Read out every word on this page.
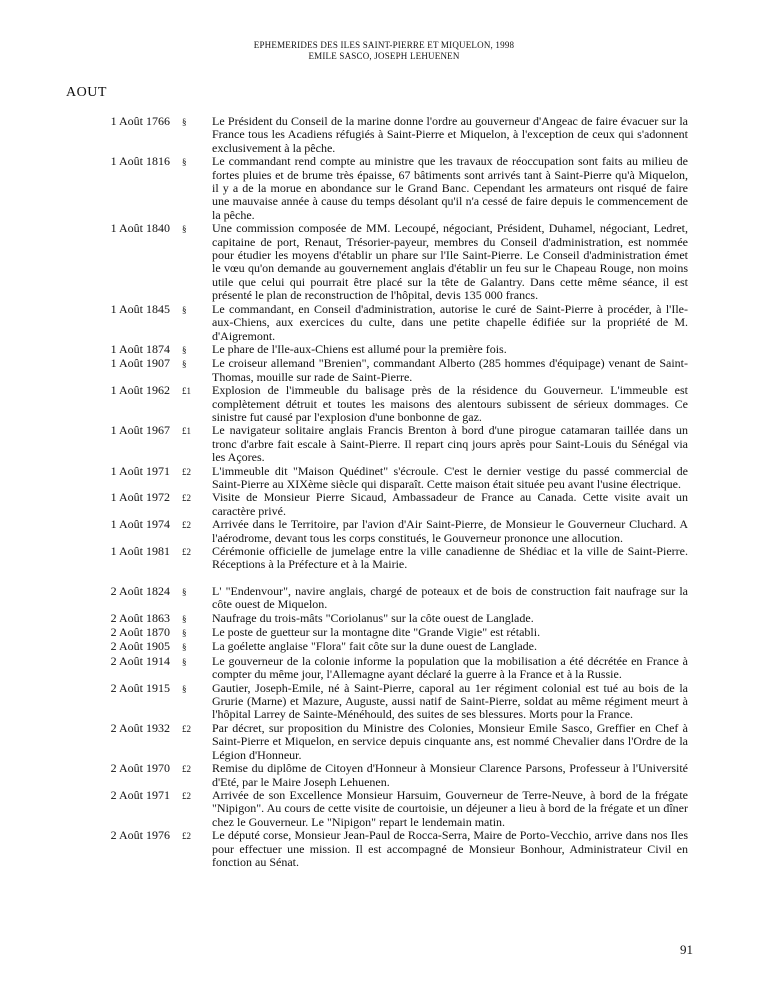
EPHEMERIDES DES ILES SAINT-PIERRE ET MIQUELON, 1998
EMILE SASCO, JOSEPH LEHUENEN
AOUT
1 Août 1766	§	Le Président du Conseil de la marine donne l'ordre au gouverneur d'Angeac de faire évacuer sur la France tous les Acadiens réfugiés à Saint-Pierre et Miquelon, à l'exception de ceux qui s'adonnent exclusivement à la pêche.
1 Août 1816	§	Le commandant rend compte au ministre que les travaux de réoccupation sont faits au milieu de fortes pluies et de brume très épaisse, 67 bâtiments sont arrivés tant à Saint-Pierre qu'à Miquelon, il y a de la morue en abondance sur le Grand Banc. Cependant les armateurs ont risqué de faire une mauvaise année à cause du temps désolant qu'il n'a cessé de faire depuis le commencement de la pêche.
1 Août 1840	§	Une commission composée de MM. Lecoupé, négociant, Président, Duhamel, négociant, Ledret, capitaine de port, Renaut, Trésorier-payeur, membres du Conseil d'administration, est nommée pour étudier les moyens d'établir un phare sur l'Ile Saint-Pierre. Le Conseil d'administration émet le vœu qu'on demande au gouvernement anglais d'établir un feu sur le Chapeau Rouge, non moins utile que celui qui pourrait être placé sur la tête de Galantry. Dans cette même séance, il est présenté le plan de reconstruction de l'hôpital, devis 135 000 francs.
1 Août 1845	§	Le commandant, en Conseil d'administration, autorise le curé de Saint-Pierre à procéder, à l'Ile-aux-Chiens, aux exercices du culte, dans une petite chapelle édifiée sur la propriété de M. d'Aigremont.
1 Août 1874	§	Le phare de l'Ile-aux-Chiens est allumé pour la première fois.
1 Août 1907	§	Le croiseur allemand "Brenien", commandant Alberto (285 hommes d'équipage) venant de Saint-Thomas, mouille sur rade de Saint-Pierre.
1 Août 1962	£1	Explosion de l'immeuble du balisage près de la résidence du Gouverneur. L'immeuble est complètement détruit et toutes les maisons des alentours subissent de sérieux dommages. Ce sinistre fut causé par l'explosion d'une bonbonne de gaz.
1 Août 1967	£1	Le navigateur solitaire anglais Francis Brenton à bord d'une pirogue catamaran taillée dans un tronc d'arbre fait escale à Saint-Pierre. Il repart cinq jours après pour Saint-Louis du Sénégal via les Açores.
1 Août 1971	£2	L'immeuble dit "Maison Quédinet" s'écroule. C'est le dernier vestige du passé commercial de Saint-Pierre au XIXème siècle qui disparaît. Cette maison était située peu avant l'usine électrique.
1 Août 1972	£2	Visite de Monsieur Pierre Sicaud, Ambassadeur de France au Canada. Cette visite avait un caractère privé.
1 Août 1974	£2	Arrivée dans le Territoire, par l'avion d'Air Saint-Pierre, de Monsieur le Gouverneur Cluchard. A l'aérodrome, devant tous les corps constitués, le Gouverneur prononce une allocution.
1 Août 1981	£2	Cérémonie officielle de jumelage entre la ville canadienne de Shédiac et la ville de Saint-Pierre. Réceptions à la Préfecture et à la Mairie.
2 Août 1824	§	L' "Endenvour", navire anglais, chargé de poteaux et de bois de construction fait naufrage sur la côte ouest de Miquelon.
2 Août 1863	§	Naufrage du trois-mâts "Coriolanus" sur la côte ouest de Langlade.
2 Août 1870	§	Le poste de guetteur sur la montagne dite "Grande Vigie" est rétabli.
2 Août 1905	§	La goélette anglaise "Flora" fait côte sur la dune ouest de Langlade.
2 Août 1914	§	Le gouverneur de la colonie informe la population que la mobilisation a été décrétée en France à compter du même jour, l'Allemagne ayant déclaré la guerre à la France et à la Russie.
2 Août 1915	§	Gautier, Joseph-Emile, né à Saint-Pierre, caporal au 1er régiment colonial est tué au bois de la Grurie (Marne) et Mazure, Auguste, aussi natif de Saint-Pierre, soldat au même régiment meurt à l'hôpital Larrey de Sainte-Ménéhould, des suites de ses blessures. Morts pour la France.
2 Août 1932	£2	Par décret, sur proposition du Ministre des Colonies, Monsieur Emile Sasco, Greffier en Chef à Saint-Pierre et Miquelon, en service depuis cinquante ans, est nommé Chevalier dans l'Ordre de la Légion d'Honneur.
2 Août 1970	£2	Remise du diplôme de Citoyen d'Honneur à Monsieur Clarence Parsons, Professeur à l'Université d'Eté, par le Maire Joseph Lehuenen.
2 Août 1971	£2	Arrivée de son Excellence Monsieur Harsuim, Gouverneur de Terre-Neuve, à bord de la frégate "Nipigon". Au cours de cette visite de courtoisie, un déjeuner a lieu à bord de la frégate et un dîner chez le Gouverneur. Le "Nipigon" repart le lendemain matin.
2 Août 1976	£2	Le député corse, Monsieur Jean-Paul de Rocca-Serra, Maire de Porto-Vecchio, arrive dans nos Iles pour effectuer une mission. Il est accompagné de Monsieur Bonhour, Administrateur Civil en fonction au Sénat.
91
